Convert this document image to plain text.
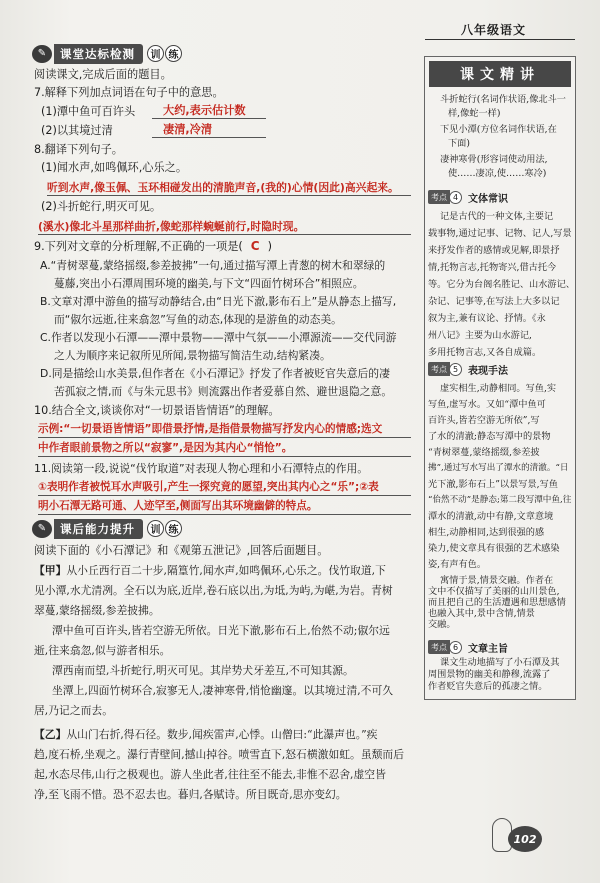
八年级语文
✎	课堂达标检测	训 练
阅读课文,完成后面的题目。
7.解释下列加点词语在句子中的意思。
(1)潭中鱼可百许头 大约,表示估计数
(2)以其境过清	凄清,冷清
8.翻译下列句子。
(1)闻水声,如鸣佩环,心乐之。
听到水声,像玉佩、玉环相碰发出的清脆声音,(我的)心情(因此)高兴起来。
(2)斗折蛇行,明灭可见。
(溪水)像北斗星那样曲折,像蛇那样蜿蜒前行,时隐时现。
9.下列对文章的分析理解,不正确的一项是( C )
A.“青树翠蔓,蒙络摇缀,参差披拂”一句,通过描写潭上青葱的树木和翠绿的
蔓藤,突出小石潭周围环境的幽美,与下文“四面竹树环合”相照应。
B.文章对潭中游鱼的描写动静结合,由“日光下澈,影布石上”是从静态上描写,
而“俶尔远逝,往来翕忽”写鱼的动态,体现的是游鱼的动态美。
C.作者以发现小石潭——潭中景物——潭中气氛——小潭源流——交代同游
之人为顺序来记叙所见所闻,景物描写简洁生动,结构紧凑。
D.同是描绘山水美景,但作者在《小石潭记》抒发了作者被贬官失意后的凄
苦孤寂之情,而《与朱元思书》则流露出作者爱慕自然、避世退隐之意。
10.结合全文,谈谈你对“一切景语皆情语”的理解。
示例:“一切景语皆情语”即借景抒情,是指借景物描写抒发内心的情感;选文
中作者眼前景物之所以“寂寥”,是因为其内心“悄怆”。
11.阅读第一段,说说“伐竹取道”对表现人物心理和小石潭特点的作用。
①表明作者被悦耳水声吸引,产生一探究竟的愿望,突出其内心之“乐”;②表
明小石潭无路可通、人迹罕至,侧面写出其环境幽僻的特点。
✎	课后能力提升	训 练
阅读下面的《小石潭记》和《观第五泄记》,回答后面题目。
【甲】从小丘西行百二十步,隔篁竹,闻水声,如鸣佩环,心乐之。伐竹取道,下
见小潭,水尤清冽。全石以为底,近岸,卷石底以出,为坻,为屿,为嵁,为岩。青树
翠蔓,蒙络摇缀,参差披拂。
潭中鱼可百许头,皆若空游无所依。日光下澈,影布石上,佁然不动;俶尔远
逝,往来翕忽,似与游者相乐。
潭西南而望,斗折蛇行,明灭可见。其岸势犬牙差互,不可知其源。
坐潭上,四面竹树环合,寂寥无人,凄神寒骨,悄怆幽邃。以其境过清,不可久
居,乃记之而去。
【乙】从山门右折,得石径。数步,闻疾雷声,心悸。山僧曰:“此瀑声也。”疾
趋,度石桥,坐观之。瀑行青壁间,撼山掉谷。喷雪直下,怒石横激如虹。虽颓而后
起,水态尽伟,山行之极观也。游人坐此者,往往至不能去,非惟不忍舍,虚空皆
净,至飞雨不惜。恐不忍去也。暮归,各赋诗。所目既奇,思亦变幻。
课文精讲
斗折蛇行(名词作状语,像北斗一
样,像蛇一样)
下见小潭(方位名词作状语,在
下面)
凄神寒骨(形容词使动用法,
使……凄凉,使……寒冷)
考点 4 文体常识
记是古代的一种文体,主要记
载事物,通过记事、记物、记人,写景
来抒发作者的感情或见解,即景抒
情,托物言志,托物寄兴,借古托今
等。它分为台阁名胜记、山水游记、
杂记、记事等,在写法上大多以记
叙为主,兼有议论、抒情。《永
州八记》主要为山水游记,
多用托物言志,又各自成篇。
考点 5 表现手法
虚实相生,动静相同。写鱼,实
写鱼,虚写水。又如“潭中鱼可
百许头,皆若空游无所依”,写
了水的清澈;静态写潭中的景物
“青树翠蔓,蒙络摇缀,参差披
拂”,通过写水写出了潭水的清澈。“日
光下澈,影布石上”以景写景,写鱼
“佁然不动”是静态;第二段写潭中鱼,往
潭水的清澈,动中有静,文章意境
相生,动静相同,达到很强的感
染力,使文章具有很强的艺术感染
姿,有声有色。
寓情于景,情景交融。作者在
考点 6 文章主旨
课文生动地描写了小石潭及其
周围景物的幽美和静穆,流露了
102
作者贬官失意后的孤凄之情。
文中不仅描写了美丽的山川景色,
而且把自己的生活遭遇和思想感情
也融入其中,景中含情,情景
交融。
